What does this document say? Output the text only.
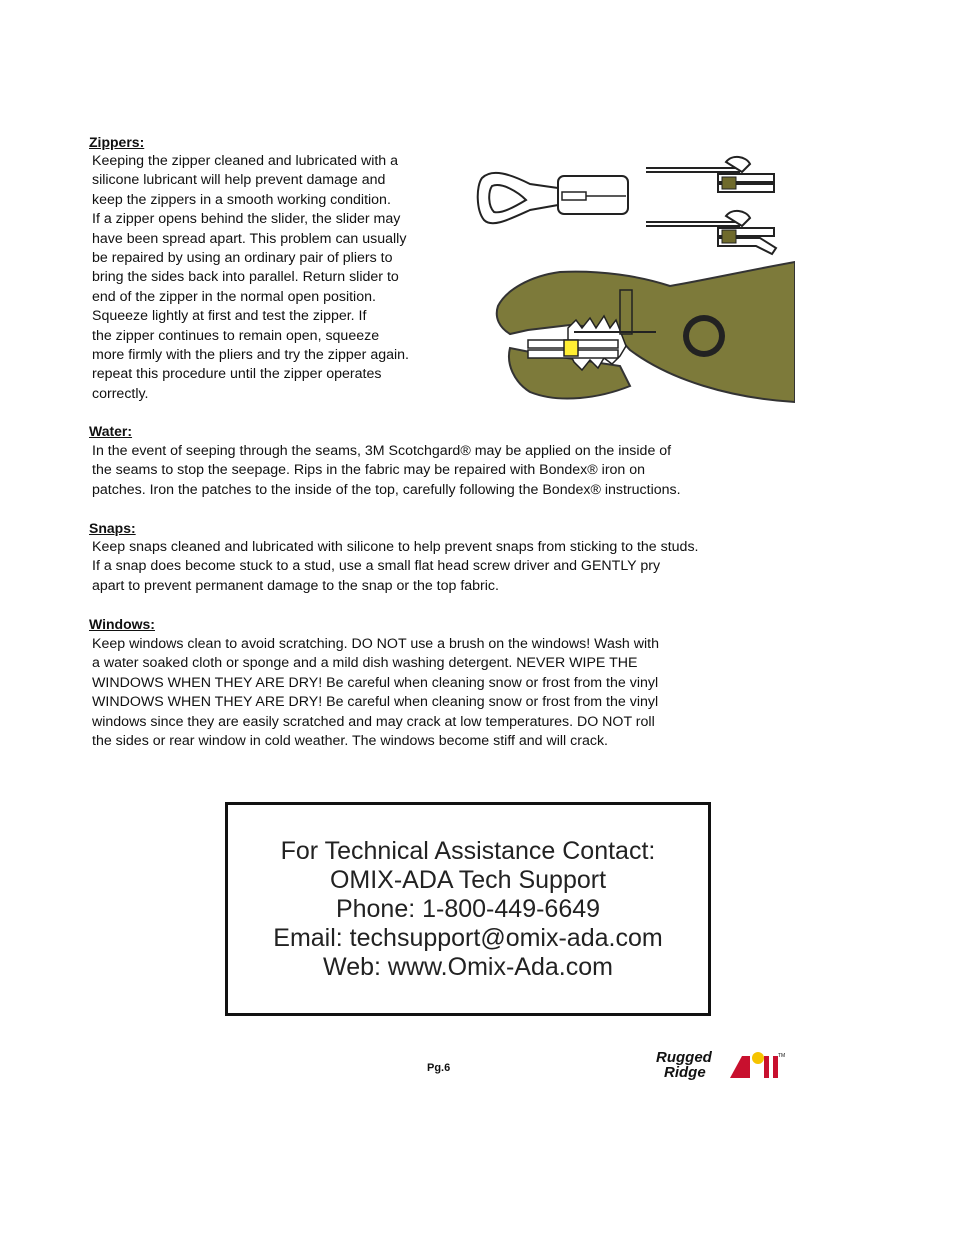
Zippers:

Keeping the zipper cleaned and lubricated with a
silicone lubricant will help prevent damage and
keep the zippers in a smooth working condition.
If a zipper opens behind the slider, the slider may
have been spread apart. This problem can usually
be repaired by using an ordinary pair of pliers to
bring the sides back into parallel. Return slider to
end of the zipper in the normal open position.
Squeeze lightly at first and test the zipper. If
the zipper continues to remain open, squeeze
more firmly with the pliers and try the zipper again.
repeat this procedure until the zipper operates
correctly.

Water:

In the event of seeping through the seams, 3M Scotchgard® may be applied on the inside of
the seams to stop the seepage. Rips in the fabric may be repaired with Bondex® iron on
patches. Iron the patches to the inside of the top, carefully following the Bondex® instructions.

Snaps:

Keep snaps cleaned and lubricated with silicone to help prevent snaps from sticking to the studs.
If a snap does become stuck to a stud, use a small flat head screw driver and GENTLY pry
apart to prevent permanent damage to the snap or the top fabric.

Windows:

Keep windows clean to avoid scratching. DO NOT use a brush on the windows! Wash with
a water soaked cloth or sponge and a mild dish washing detergent. NEVER WIPE THE
WINDOWS WHEN THEY ARE DRY! Be careful when cleaning snow or frost from the vinyl
WINDOWS WHEN THEY ARE DRY! Be careful when cleaning snow or frost from the vinyl
windows since they are easily scratched and may crack at low temperatures. DO NOT roll
the sides or rear window in cold weather. The windows become stiff and will crack.

For Technical Assistance Contact:
OMIX-ADA Tech Support
Phone: 1-800-449-6649
Email: techsupport@omix-ada.com
Web: www.Omix-Ada.com
Pg.6
Rugged
Ridge
TM
